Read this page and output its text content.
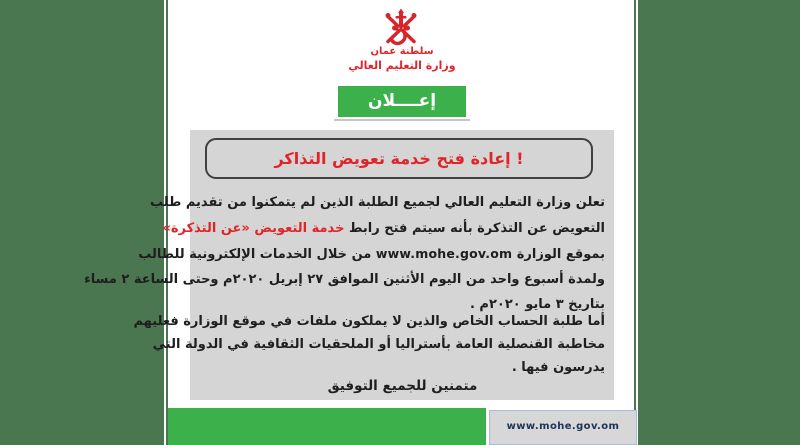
سلطنة عمان
وزارة التعليم العالي
إعــــلان
! إعادة فتح خدمة تعويض التذاكر
تعلن وزارة التعليم العالي لجميع الطلبة الذين لم يتمكنوا من تقديم طلب
التعويض عن التذكرة بأنه سيتم فتح رابط خدمة التعويض «عن التذكرة»
بموقع الوزارة www.mohe.gov.om من خلال الخدمات الإلكترونية للطالب
ولمدة أسبوع واحد من اليوم الأثنين الموافق ٢٧ إبريل ٢٠٢٠م وحتى الساعة ٢ مساء
بتاريخ ٣ مايو ٢٠٢٠م .
أما طلبة الحساب الخاص والذين لا يملكون ملفات في موقع الوزارة فعليهم
مخاطبة القنصلية العامة بأستراليا أو الملحقيات الثقافية في الدولة التي
يدرسون فيها .
متمنين للجميع التوفيق
www.mohe.gov.om
